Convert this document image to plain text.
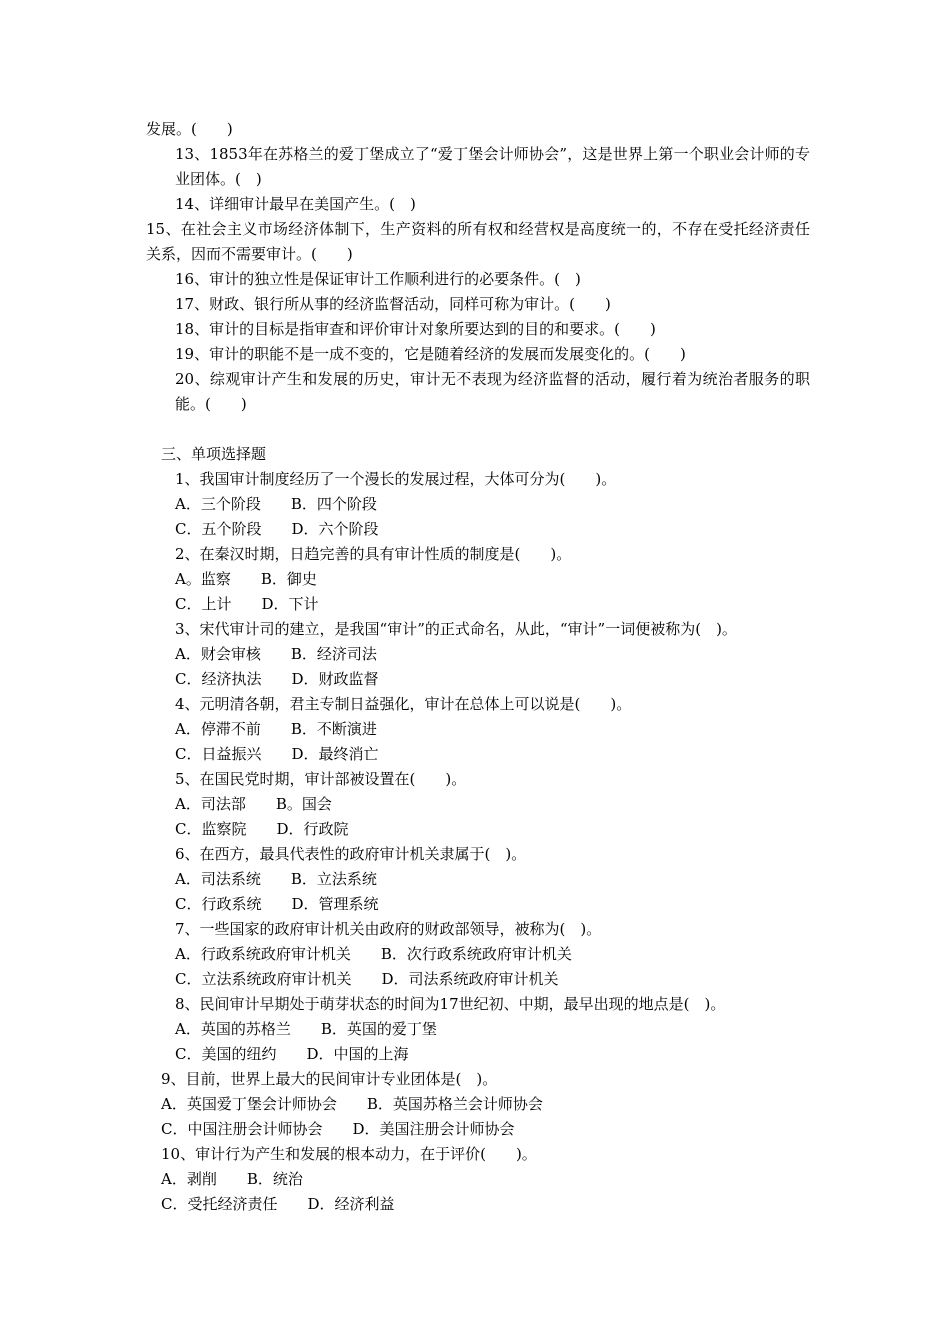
发展。(　　)
13、1853年在苏格兰的爱丁堡成立了“爱丁堡会计师协会”，这是世界上第一个职业会计师的专业团体。(　)
14、详细审计最早在美国产生。(　)
15、在社会主义市场经济体制下，生产资料的所有权和经营权是高度统一的，不存在受托经济责任关系，因而不需要审计。(　　)
16、审计的独立性是保证审计工作顺利进行的必要条件。(　)
17、财政、银行所从事的经济监督活动，同样可称为审计。(　　)
18、审计的目标是指审查和评价审计对象所要达到的目的和要求。(　　)
19、审计的职能不是一成不变的，它是随着经济的发展而发展变化的。(　　)
20、综观审计产生和发展的历史，审计无不表现为经济监督的活动，履行着为统治者服务的职能。(　　)
三、单项选择题
1、我国审计制度经历了一个漫长的发展过程，大体可分为(　　)。
A．三个阶段　　B．四个阶段
C．五个阶段　　D．六个阶段
2、在秦汉时期，日趋完善的具有审计性质的制度是(　　)。
A。监察　　B．御史
C．上计　　D．下计
3、宋代审计司的建立，是我国“审计”的正式命名，从此，“审计”一词便被称为(　)。
A．财会审核　　B．经济司法
C．经济执法　　D．财政监督
4、元明清各朝，君主专制日益强化，审计在总体上可以说是(　　)。
A．停滞不前　　B．不断演进
C．日益振兴　　D．最终消亡
5、在国民党时期，审计部被设置在(　　)。
A．司法部　　B。国会
C．监察院　　D．行政院
6、在西方，最具代表性的政府审计机关隶属于(　)。
A．司法系统　　B．立法系统
C．行政系统　　D．管理系统
7、一些国家的政府审计机关由政府的财政部领导，被称为(　)。
A．行政系统政府审计机关　　B．次行政系统政府审计机关
C．立法系统政府审计机关　　D．司法系统政府审计机关
8、民间审计早期处于萌芽状态的时间为17世纪初、中期，最早出现的地点是(　)。
A．英国的苏格兰　　B．英国的爱丁堡
C．美国的纽约　　D．中国的上海
9、目前，世界上最大的民间审计专业团体是(　)。
A．英国爱丁堡会计师协会　　B．英国苏格兰会计师协会
C．中国注册会计师协会　　D．美国注册会计师协会
10、审计行为产生和发展的根本动力，在于评价(　　)。
A．剥削　　B．统治
C．受托经济责任　　D．经济利益
